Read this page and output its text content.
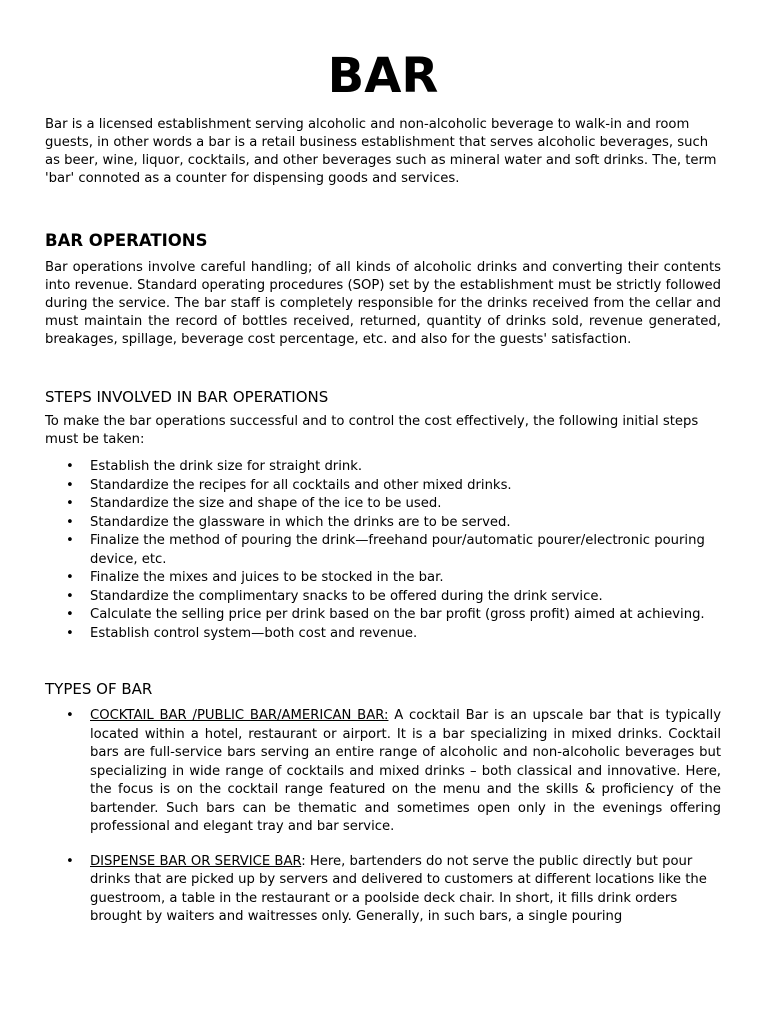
BAR

Bar is a licensed establishment serving alcoholic and non-alcoholic beverage to walk-in and room guests, in other words a bar is a retail business establishment that serves alcoholic beverages, such as beer, wine, liquor, cocktails, and other beverages such as mineral water and soft drinks. The, term 'bar' connoted as a counter for dispensing goods and services.

BAR OPERATIONS

Bar operations involve careful handling; of all kinds of alcoholic drinks and converting their contents into revenue. Standard operating procedures (SOP) set by the establishment must be strictly followed during the service. The bar staff is completely responsible for the drinks received from the cellar and must maintain the record of bottles received, returned, quantity of drinks sold, revenue generated, breakages, spillage, beverage cost percentage, etc. and also for the guests' satisfaction.

STEPS INVOLVED IN BAR OPERATIONS

To make the bar operations successful and to control the cost effectively, the following initial steps must be taken:

• Establish the drink size for straight drink.
• Standardize the recipes for all cocktails and other mixed drinks.
• Standardize the size and shape of the ice to be used.
• Standardize the glassware in which the drinks are to be served.
• Finalize the method of pouring the drink—freehand pour/automatic pourer/electronic pouring device, etc.
• Finalize the mixes and juices to be stocked in the bar.
• Standardize the complimentary snacks to be offered during the drink service.
• Calculate the selling price per drink based on the bar profit (gross profit) aimed at achieving.
• Establish control system—both cost and revenue.
TYPES OF BAR
• COCKTAIL BAR /PUBLIC BAR/AMERICAN BAR: A cocktail Bar is an upscale bar that is typically located within a hotel, restaurant or airport. It is a bar specializing in mixed drinks. Cocktail bars are full-service bars serving an entire range of alcoholic and non-alcoholic beverages but specializing in wide range of cocktails and mixed drinks – both classical and innovative. Here, the focus is on the cocktail range featured on the menu and the skills & proficiency of the bartender. Such bars can be thematic and sometimes open only in the evenings offering professional and elegant tray and bar service.
• DISPENSE BAR OR SERVICE BAR: Here, bartenders do not serve the public directly but pour drinks that are picked up by servers and delivered to customers at different locations like the guestroom, a table in the restaurant or a poolside deck chair. In short, it fills drink orders brought by waiters and waitresses only. Generally, in such bars, a single pouring
